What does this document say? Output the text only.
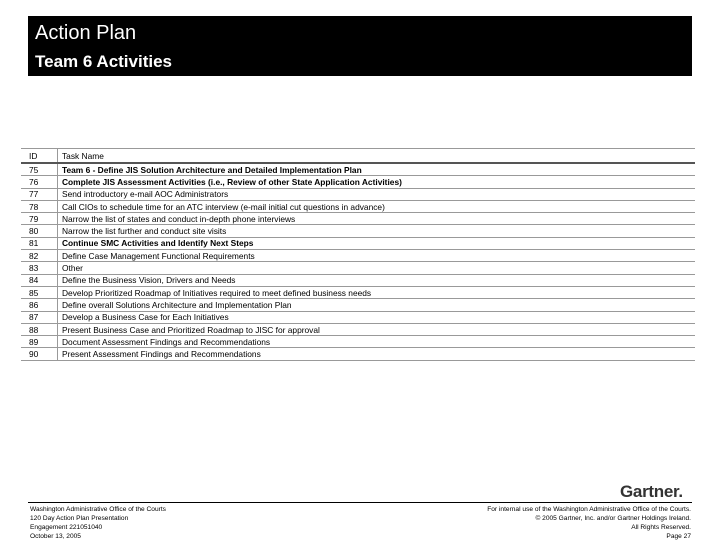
Action Plan
Team 6 Activities
ID	Task Name
75	Team 6 - Define JIS Solution Architecture and Detailed Implementation Plan
76	Complete JIS Assessment Activities (i.e., Review of other State Application Activities)
77	Send introductory e-mail AOC Administrators
78	Call CIOs to schedule time for an ATC interview (e-mail initial cut questions in advance)
79	Narrow the list of states and conduct in-depth phone interviews
80	Narrow the list further and conduct site visits
81	Continue SMC Activities and Identify Next Steps
82	Define Case Management Functional Requirements
83	Other
84	Define the Business Vision, Drivers and Needs
85	Develop Prioritized Roadmap of Initiatives required to meet defined business needs
86	Define overall Solutions Architecture and Implementation Plan
87	Develop a Business Case for Each Initiatives
88	Present Business Case and Prioritized Roadmap to JISC for approval
89	Document Assessment Findings and Recommendations
90	Present Assessment Findings and Recommendations
Washington Administrative Office of the Courts
120 Day Action Plan Presentation
Engagement 221051040
October 13, 2005
Gartner.
For internal use of the Washington Administrative Office of the Courts.
© 2005 Gartner, Inc. and/or Gartner Holdings Ireland.
All Rights Reserved.
Page 27
